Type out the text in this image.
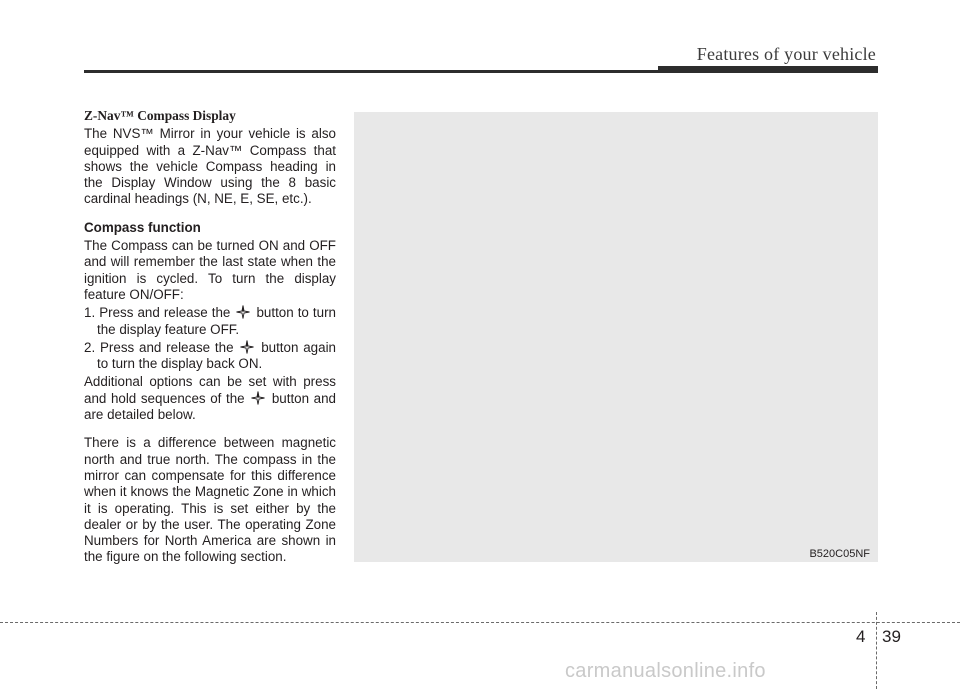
Features of your vehicle
Z-Nav™ Compass Display

The NVS™ Mirror in your vehicle is also equipped with a Z-Nav™ Compass that shows the vehicle Compass heading in the Display Window using the 8 basic cardinal headings (N, NE, E, SE, etc.).

Compass function

The Compass can be turned ON and OFF and will remember the last state when the ignition is cycled. To turn the display feature ON/OFF:

1. Press and release the button to turn the display feature OFF.

2. Press and release the button again to turn the display back ON.

Additional options can be set with press and hold sequences of the button and are detailed below.

There is a difference between magnetic north and true north. The compass in the mirror can compensate for this difference when it knows the Magnetic Zone in which it is operating. This is set either by the dealer or by the user. The operating Zone Numbers for North America are shown in the figure on the following section.	B520C05NF
4 39
carmanualsonline.info
